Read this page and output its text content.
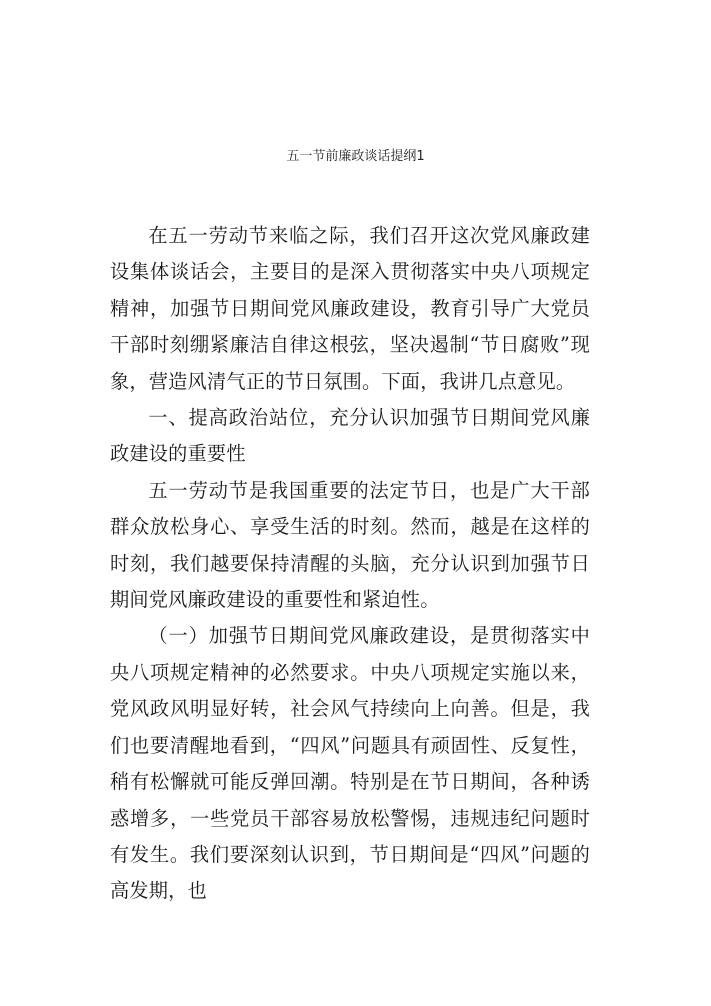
五一节前廉政谈话提纲1

在五一劳动节来临之际，我们召开这次党风廉政建设集体谈话会，主要目的是深入贯彻落实中央八项规定精神，加强节日期间党风廉政建设，教育引导广大党员干部时刻绷紧廉洁自律这根弦，坚决遏制“节日腐败”现象，营造风清气正的节日氛围。下面，我讲几点意见。

一、提高政治站位，充分认识加强节日期间党风廉政建设的重要性

五一劳动节是我国重要的法定节日，也是广大干部群众放松身心、享受生活的时刻。然而，越是在这样的时刻，我们越要保持清醒的头脑，充分认识到加强节日期间党风廉政建设的重要性和紧迫性。

（一）加强节日期间党风廉政建设，是贯彻落实中央八项规定精神的必然要求。中央八项规定实施以来，党风政风明显好转，社会风气持续向上向善。但是，我们也要清醒地看到，“四风”问题具有顽固性、反复性，稍有松懈就可能反弹回潮。特别是在节日期间，各种诱惑增多，一些党员干部容易放松警惕，违规违纪问题时有发生。我们要深刻认识到，节日期间是“四风”问题的高发期，也
